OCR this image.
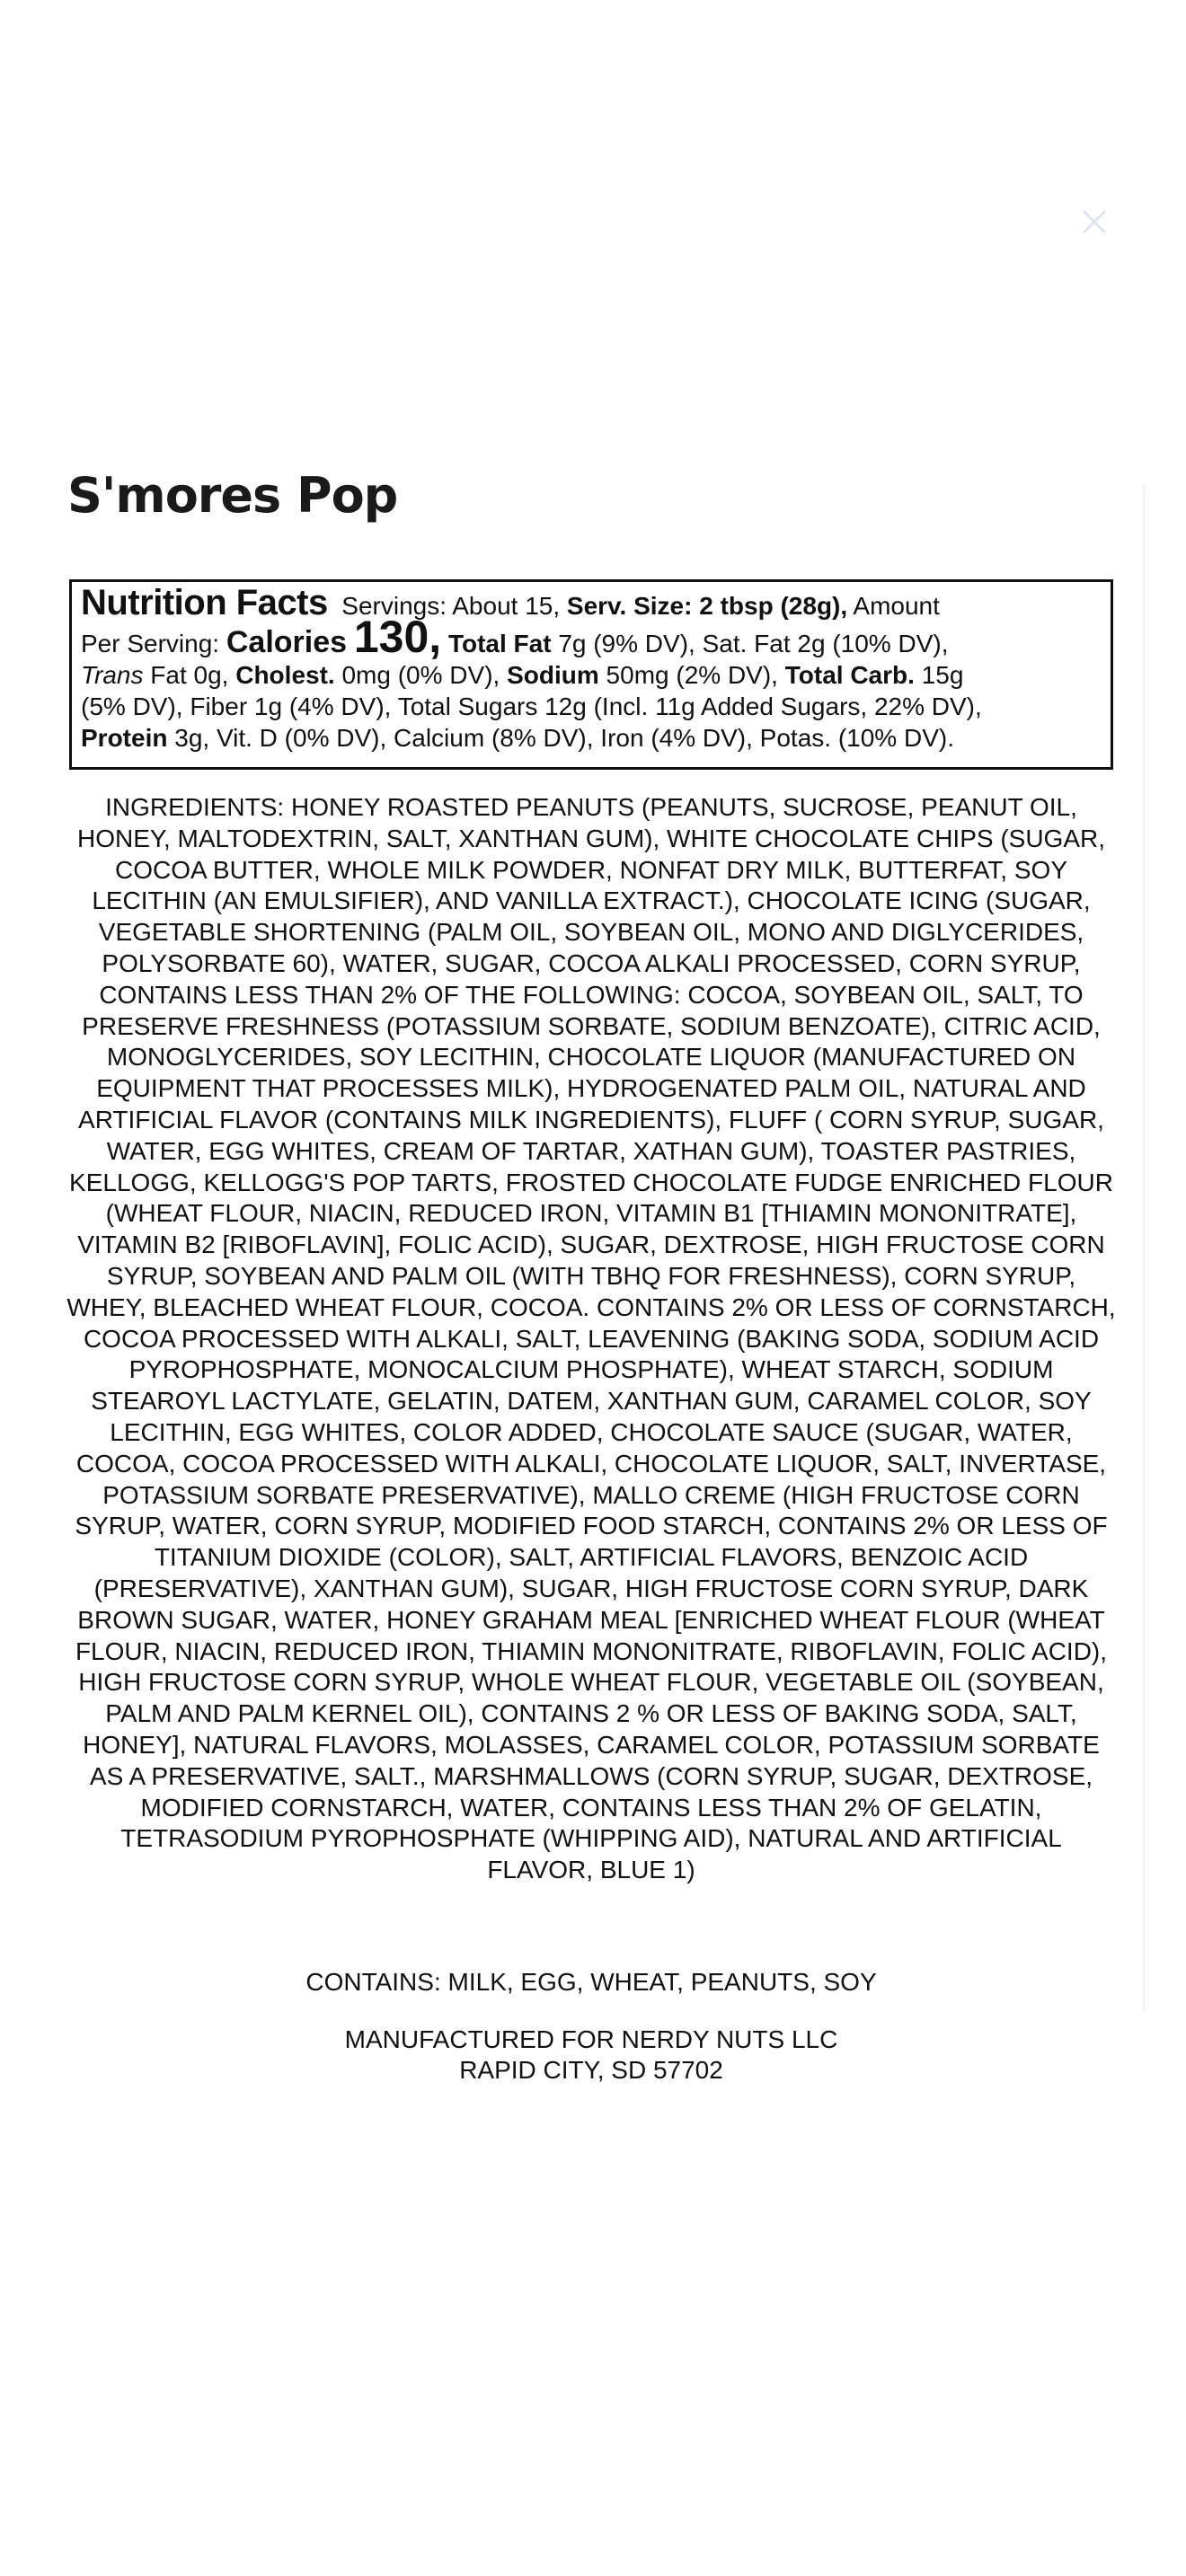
S'mores Pop
Nutrition Facts Servings: About 15, Serv. Size: 2 tbsp (28g), Amount
Per Serving: Calories 130, Total Fat 7g (9% DV), Sat. Fat 2g (10% DV),
Trans Fat 0g, Cholest. 0mg (0% DV), Sodium 50mg (2% DV), Total Carb. 15g
(5% DV), Fiber 1g (4% DV), Total Sugars 12g (Incl. 11g Added Sugars, 22% DV),
Protein 3g, Vit. D (0% DV), Calcium (8% DV), Iron (4% DV), Potas. (10% DV).

INGREDIENTS: HONEY ROASTED PEANUTS (PEANUTS, SUCROSE, PEANUT OIL, HONEY, MALTODEXTRIN, SALT, XANTHAN GUM), WHITE CHOCOLATE CHIPS (SUGAR, COCOA BUTTER, WHOLE MILK POWDER, NONFAT DRY MILK, BUTTERFAT, SOY LECITHIN (AN EMULSIFIER), AND VANILLA EXTRACT.), CHOCOLATE ICING (SUGAR, VEGETABLE SHORTENING (PALM OIL, SOYBEAN OIL, MONO AND DIGLYCERIDES, POLYSORBATE 60), WATER, SUGAR, COCOA ALKALI PROCESSED, CORN SYRUP, CONTAINS LESS THAN 2% OF THE FOLLOWING: COCOA, SOYBEAN OIL, SALT, TO PRESERVE FRESHNESS (POTASSIUM SORBATE, SODIUM BENZOATE), CITRIC ACID, MONOGLYCERIDES, SOY LECITHIN, CHOCOLATE LIQUOR (MANUFACTURED ON EQUIPMENT THAT PROCESSES MILK), HYDROGENATED PALM OIL, NATURAL AND ARTIFICIAL FLAVOR (CONTAINS MILK INGREDIENTS), FLUFF ( CORN SYRUP, SUGAR, WATER, EGG WHITES, CREAM OF TARTAR, XATHAN GUM), TOASTER PASTRIES, KELLOGG, KELLOGG'S POP TARTS, FROSTED CHOCOLATE FUDGE ENRICHED FLOUR (WHEAT FLOUR, NIACIN, REDUCED IRON, VITAMIN B1 [THIAMIN MONONITRATE], VITAMIN B2 [RIBOFLAVIN], FOLIC ACID), SUGAR, DEXTROSE, HIGH FRUCTOSE CORN SYRUP, SOYBEAN AND PALM OIL (WITH TBHQ FOR FRESHNESS), CORN SYRUP, WHEY, BLEACHED WHEAT FLOUR, COCOA. CONTAINS 2% OR LESS OF CORNSTARCH, COCOA PROCESSED WITH ALKALI, SALT, LEAVENING (BAKING SODA, SODIUM ACID PYROPHOSPHATE, MONOCALCIUM PHOSPHATE), WHEAT STARCH, SODIUM STEAROYL LACTYLATE, GELATIN, DATEM, XANTHAN GUM, CARAMEL COLOR, SOY LECITHIN, EGG WHITES, COLOR ADDED, CHOCOLATE SAUCE (SUGAR, WATER, COCOA, COCOA PROCESSED WITH ALKALI, CHOCOLATE LIQUOR, SALT, INVERTASE, POTASSIUM SORBATE PRESERVATIVE), MALLO CREME (HIGH FRUCTOSE CORN SYRUP, WATER, CORN SYRUP, MODIFIED FOOD STARCH, CONTAINS 2% OR LESS OF TITANIUM DIOXIDE (COLOR), SALT, ARTIFICIAL FLAVORS, BENZOIC ACID (PRESERVATIVE), XANTHAN GUM), SUGAR, HIGH FRUCTOSE CORN SYRUP, DARK BROWN SUGAR, WATER, HONEY GRAHAM MEAL [ENRICHED WHEAT FLOUR (WHEAT FLOUR, NIACIN, REDUCED IRON, THIAMIN MONONITRATE, RIBOFLAVIN, FOLIC ACID), HIGH FRUCTOSE CORN SYRUP, WHOLE WHEAT FLOUR, VEGETABLE OIL (SOYBEAN, PALM AND PALM KERNEL OIL), CONTAINS 2 % OR LESS OF BAKING SODA, SALT, HONEY], NATURAL FLAVORS, MOLASSES, CARAMEL COLOR, POTASSIUM SORBATE AS A PRESERVATIVE, SALT., MARSHMALLOWS (CORN SYRUP, SUGAR, DEXTROSE, MODIFIED CORNSTARCH, WATER, CONTAINS LESS THAN 2% OF GELATIN, TETRASODIUM PYROPHOSPHATE (WHIPPING AID), NATURAL AND ARTIFICIAL FLAVOR, BLUE 1)

CONTAINS: MILK, EGG, WHEAT, PEANUTS, SOY
MANUFACTURED FOR NERDY NUTS LLC
RAPID CITY, SD 57702
